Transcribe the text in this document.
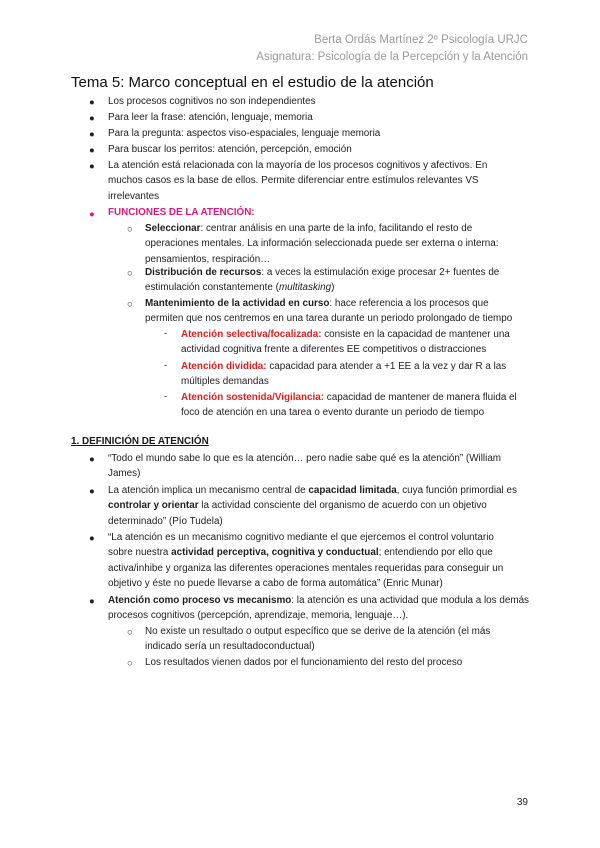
Berta Ordás Martínez 2º Psicología URJC
Asignatura: Psicología de la Percepción y la Atención
Tema 5: Marco conceptual en el estudio de la atención
●
Los procesos cognitivos no son independientes
●
Para leer la frase: atención, lenguaje, memoria
●
Para la pregunta: aspectos viso-espaciales, lenguaje memoria
●
Para buscar los perritos: atención, percepción, emoción
●
La atención está relacionada con la mayoría de los procesos cognitivos y afectivos. En
muchos casos es la base de ellos. Permite diferenciar entre estímulos relevantes VS
irrelevantes
●
FUNCIONES DE LA ATENCIÓN:
○
Seleccionar: centrar análisis en una parte de la info, facilitando el resto de
operaciones mentales. La información seleccionada puede ser externa o interna:
pensamientos, respiración…
○
Distribución de recursos: a veces la estimulación exige procesar 2+ fuentes de
estimulación constantemente (multitasking)
○
Mantenimiento de la actividad en curso: hace referencia a los procesos que
permiten que nos centremos en una tarea durante un periodo prolongado de tiempo
-
Atención selectiva/focalizada: consiste en la capacidad de mantener una
actividad cognitiva frente a diferentes EE competitivos o distracciones
-
Atención dividida: capacidad para atender a +1 EE a la vez y dar R a las
múltiples demandas
-
Atención sostenida/Vigilancia: capacidad de mantener de manera fluida el
foco de atención en una tarea o evento durante un periodo de tiempo
1. DEFINICIÓN DE ATENCIÓN
●
“Todo el mundo sabe lo que es la atención… pero nadie sabe qué es la atención” (William
James)
●
La atención implica un mecanismo central de capacidad limitada, cuya función primordial es
controlar y orientar la actividad consciente del organismo de acuerdo con un objetivo
determinado” (Pío Tudela)
●
“La atención es un mecanismo cognitivo mediante el que ejercemos el control voluntario
sobre nuestra actividad perceptiva, cognitiva y conductual; entendiendo por ello que
activa/inhibe y organiza las diferentes operaciones mentales requeridas para conseguir un
objetivo y éste no puede llevarse a cabo de forma automática” (Enric Munar)
●
Atención como proceso vs mecanismo: la atención es una actividad que modula a los demás
procesos cognitivos (percepción, aprendizaje, memoria, lenguaje…).
○
No existe un resultado o output específico que se derive de la atención (el más
indicado sería un resultadoconductual)
○
Los resultados vienen dados por el funcionamiento del resto del proceso
39
